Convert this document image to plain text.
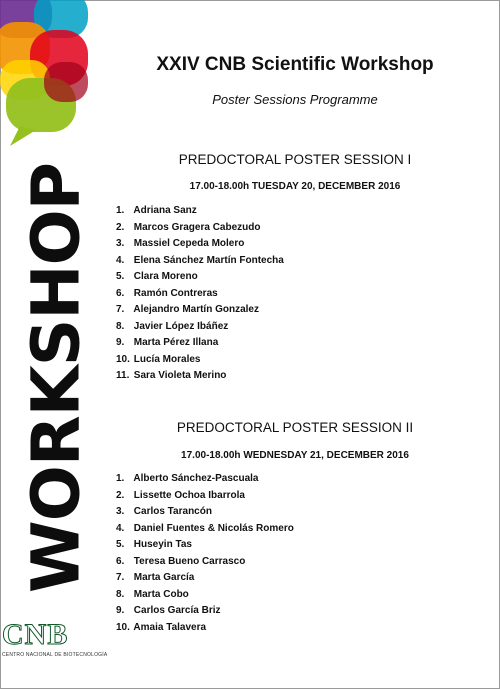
WORKSHOP
CNB
CENTRO NACIONAL DE BIOTECNOLOGÍA
XXIV CNB Scientific Workshop
Poster Sessions Programme
PREDOCTORAL POSTER SESSION I
17.00-18.00h TUESDAY 20, DECEMBER 2016
1. Adriana Sanz
2. Marcos Gragera Cabezudo
3. Massiel Cepeda Molero
4. Elena Sánchez Martín Fontecha
5. Clara Moreno
6. Ramón Contreras
7. Alejandro Martín Gonzalez
8. Javier López Ibáñez
9. Marta Pérez Illana
10. Lucía Morales
11. Sara Violeta Merino
PREDOCTORAL POSTER SESSION II
17.00-18.00h WEDNESDAY 21, DECEMBER 2016
1. Alberto Sánchez-Pascuala
2. Lissette Ochoa Ibarrola
3. Carlos Tarancón
4. Daniel Fuentes & Nicolás Romero
5. Huseyin Tas
6. Teresa Bueno Carrasco
7. Marta García
8. Marta Cobo
9. Carlos García Briz
10. Amaia Talavera
